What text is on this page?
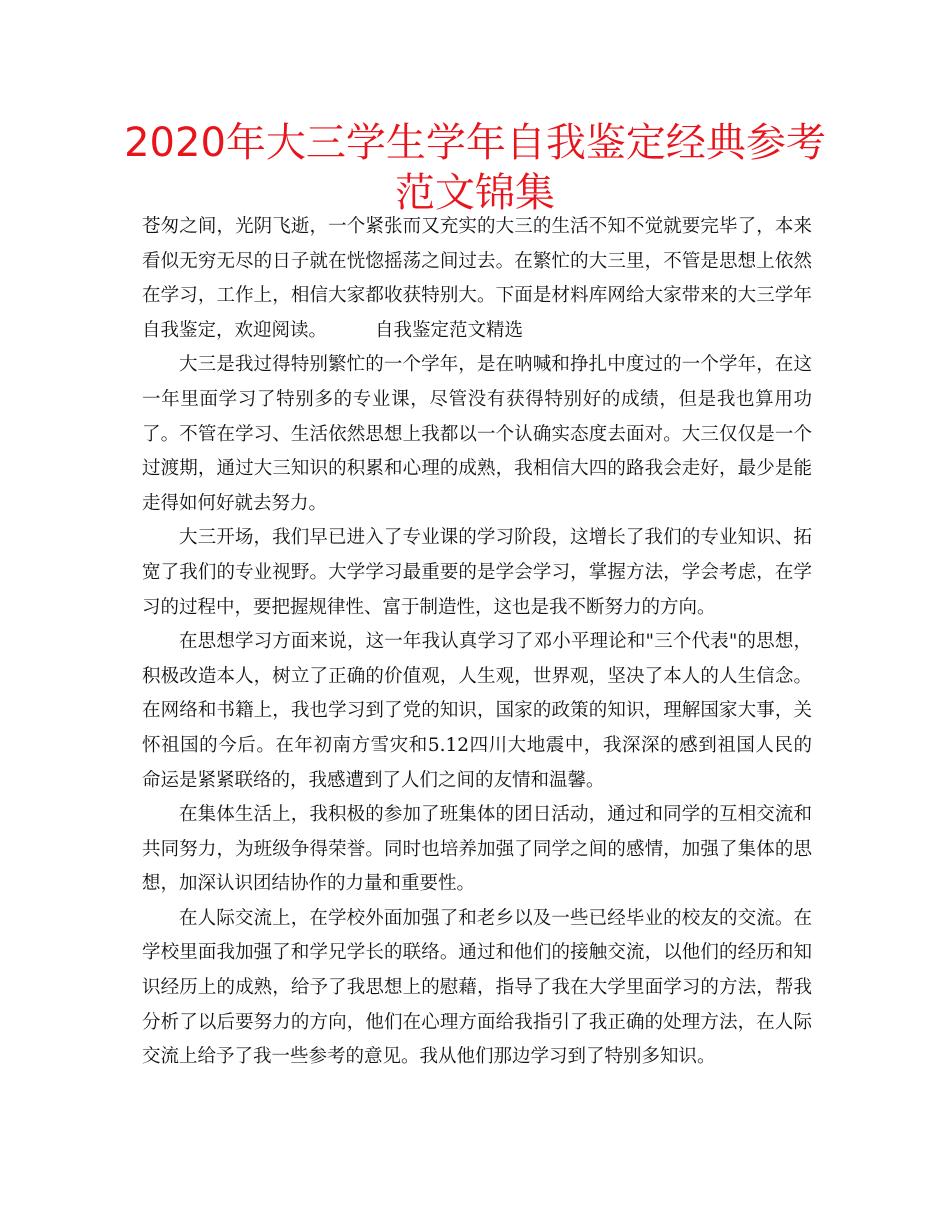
2020年大三学生学年自我鉴定经典参考范文锦集

苍匆之间，光阴飞逝，一个紧张而又充实的大三的生活不知不觉就要完毕了，本来看似无穷无尽的日子就在恍惚摇荡之间过去。在繁忙的大三里，不管是思想上依然在学习，工作上，相信大家都收获特别大。下面是材料库网给大家带来的大三学年自我鉴定，欢迎阅读。	自我鉴定范文精选

大三是我过得特别繁忙的一个学年，是在呐喊和挣扎中度过的一个学年，在这一年里面学习了特别多的专业课，尽管没有获得特别好的成绩，但是我也算用功了。不管在学习、生活依然思想上我都以一个认确实态度去面对。大三仅仅是一个过渡期，通过大三知识的积累和心理的成熟，我相信大四的路我会走好，最少是能走得如何好就去努力。

大三开场，我们早已进入了专业课的学习阶段，这增长了我们的专业知识、拓宽了我们的专业视野。大学学习最重要的是学会学习，掌握方法，学会考虑，在学习的过程中，要把握规律性、富于制造性，这也是我不断努力的方向。

在思想学习方面来说，这一年我认真学习了邓小平理论和"三个代表"的思想，积极改造本人，树立了正确的价值观，人生观，世界观，坚决了本人的人生信念。在网络和书籍上，我也学习到了党的知识，国家的政策的知识，理解国家大事，关怀祖国的今后。在年初南方雪灾和5.12四川大地震中，我深深的感到祖国人民的命运是紧紧联络的，我感遭到了人们之间的友情和温馨。

在集体生活上，我积极的参加了班集体的团日活动，通过和同学的互相交流和共同努力，为班级争得荣誉。同时也培养加强了同学之间的感情，加强了集体的思想，加深认识团结协作的力量和重要性。

在人际交流上，在学校外面加强了和老乡以及一些已经毕业的校友的交流。在学校里面我加强了和学兄学长的联络。通过和他们的接触交流，以他们的经历和知识经历上的成熟，给予了我思想上的慰藉，指导了我在大学里面学习的方法，帮我分析了以后要努力的方向，他们在心理方面给我指引了我正确的处理方法，在人际交流上给予了我一些参考的意见。我从他们那边学习到了特别多知识。
